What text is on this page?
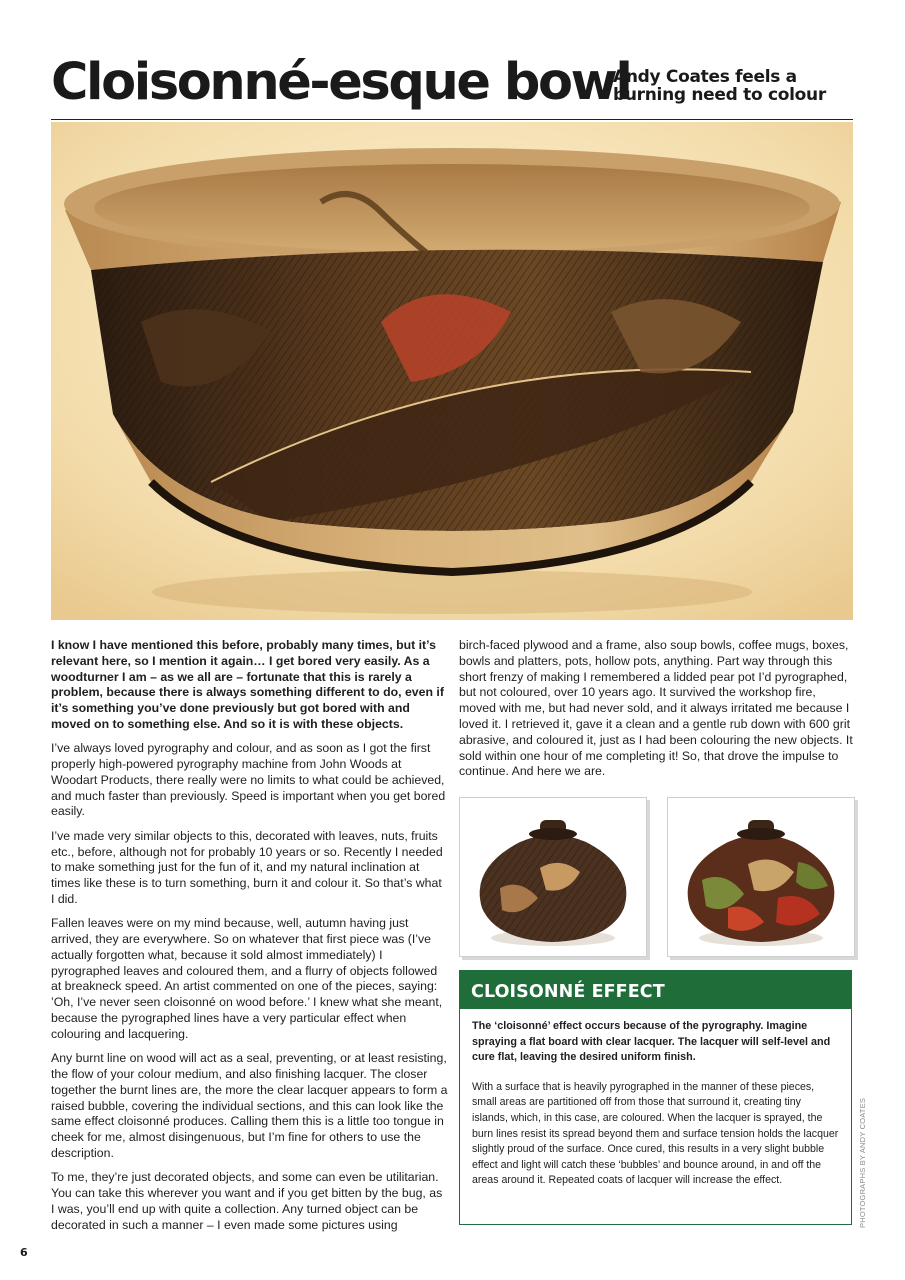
Cloisonné-esque bowl
Andy Coates feels a
burning need to colour

I know I have mentioned this before, probably many times, but it’s relevant here, so I mention it again… I get bored very easily. As a woodturner I am – as we all are – fortunate that this is rarely a problem, because there is always something different to do, even if it’s something you’ve done previously but got bored with and moved on to something else. And so it is with these objects.

I’ve always loved pyrography and colour, and as soon as I got the first properly high-powered pyrography machine from John Woods at Woodart Products, there really were no limits to what could be achieved, and much faster than previously. Speed is important when you get bored easily.

I’ve made very similar objects to this, decorated with leaves, nuts, fruits etc., before, although not for probably 10 years or so. Recently I needed to make something just for the fun of it, and my natural inclination at times like these is to turn something, burn it and colour it. So that’s what I did.

Fallen leaves were on my mind because, well, autumn having just arrived, they are everywhere. So on whatever that first piece was (I’ve actually forgotten what, because it sold almost immediately) I pyrographed leaves and coloured them, and a flurry of objects followed at breakneck speed. An artist commented on one of the pieces, saying: ’Oh, I’ve never seen cloisonné on wood before.’ I knew what she meant, because the pyrographed lines have a very particular effect when colouring and lacquering.

Any burnt line on wood will act as a seal, preventing, or at least resisting, the flow of your colour medium, and also finishing lacquer. The closer together the burnt lines are, the more the clear lacquer appears to form a raised bubble, covering the individual sections, and this can look like the same effect cloisonné produces. Calling them this is a little too tongue in cheek for me, almost disingenuous, but I’m fine for others to use the description.

To me, they’re just decorated objects, and some can even be utilitarian. You can take this wherever you want and if you get bitten by the bug, as I was, you’ll end up with quite a collection. Any turned object can be decorated in such a manner – I even made some pictures using

birch-faced plywood and a frame, also soup bowls, coffee mugs, boxes, bowls and platters, pots, hollow pots, anything. Part way through this short frenzy of making I remembered a lidded pear pot I’d pyrographed, but not coloured, over 10 years ago. It survived the workshop fire, moved with me, but had never sold, and it always irritated me because I loved it. I retrieved it, gave it a clean and a gentle rub down with 600 grit abrasive, and coloured it, just as I had been colouring the new objects. It sold within one hour of me completing it! So, that drove the impulse to continue. And here we are.

CLOISONNÉ EFFECT

The ‘cloisonné’ effect occurs because of the pyrography. Imagine spraying a flat board with clear lacquer. The lacquer will self-level and cure flat, leaving the desired uniform finish.

With a surface that is heavily pyrographed in the manner of these pieces, small areas are partitioned off from those that surround it, creating tiny islands, which, in this case, are coloured. When the lacquer is sprayed, the burn lines resist its spread beyond them and surface tension holds the lacquer slightly proud of the surface. Once cured, this results in a very slight bubble effect and light will catch these ‘bubbles’ and bounce around, in and off the areas around it. Repeated coats of lacquer will increase the effect.	PHOTOGRAPHS BY ANDY COATES
6
